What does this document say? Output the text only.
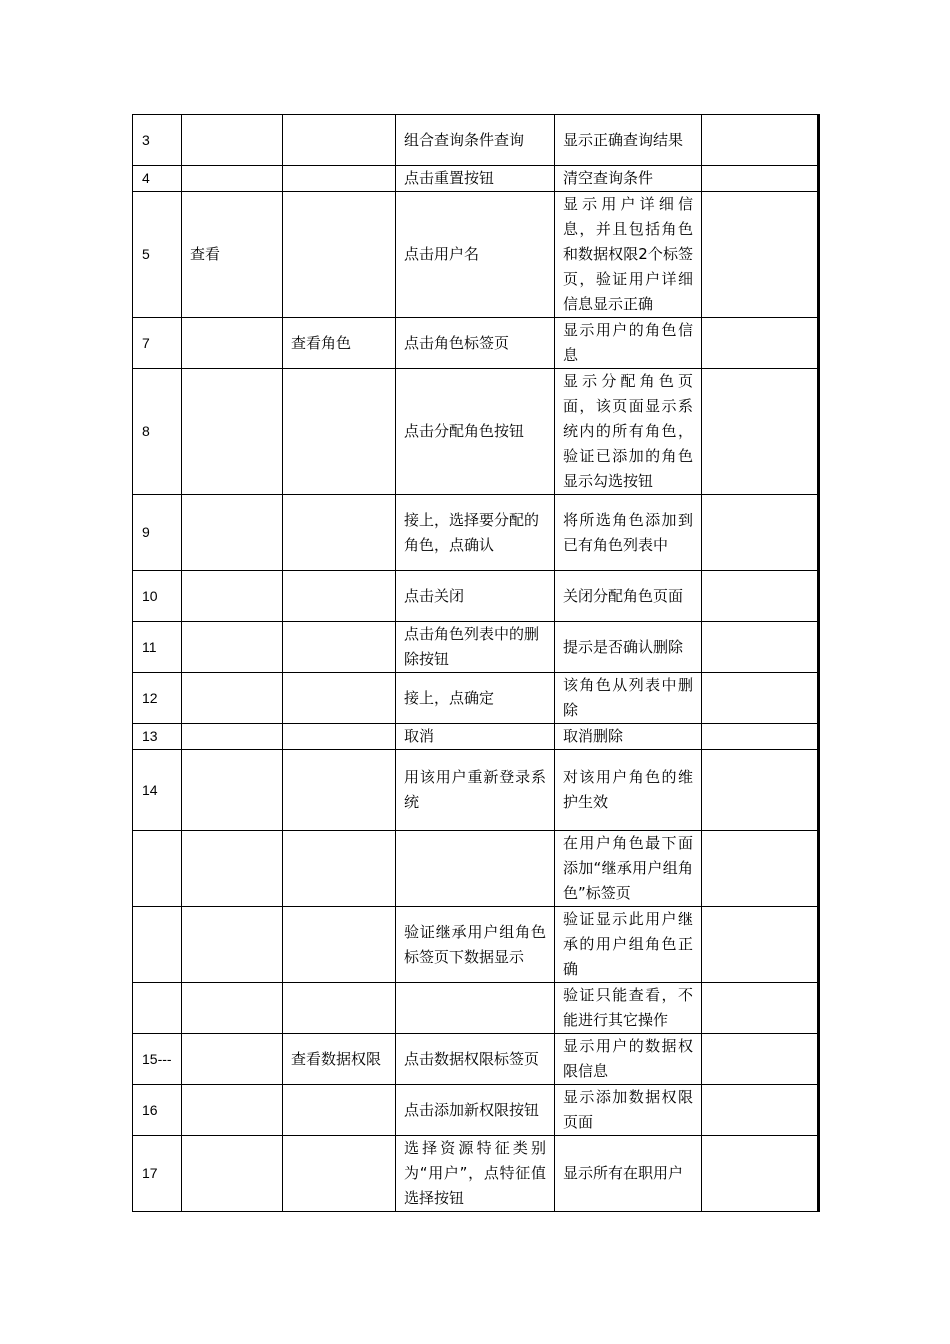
3			组合查询条件查询	显示正确查询结果	
4			点击重置按钮	清空查询条件	
5	查看		点击用户名	显示用户详细信息，并且包括角色和数据权限2个标签页，验证用户详细信息显示正确	
7		查看角色	点击角色标签页	显示用户的角色信息	
8			点击分配角色按钮	显示分配角色页面，该页面显示系统内的所有角色，验证已添加的角色显示勾选按钮	
9			接上，选择要分配的角色，点确认	将所选角色添加到已有角色列表中	
10			点击关闭	关闭分配角色页面	
11			点击角色列表中的删除按钮	提示是否确认删除	
12			接上，点确定	该角色从列表中删除	
13			取消	取消删除	
14			用该用户重新登录系统	对该用户角色的维护生效	
				在用户角色最下面添加“继承用户组角色”标签页	
			验证继承用户组角色标签页下数据显示	验证显示此用户继承的用户组角色正确	
				验证只能查看，不能进行其它操作	
15---		查看数据权限	点击数据权限标签页	显示用户的数据权限信息	
16			点击添加新权限按钮	显示添加数据权限页面	
17			选择资源特征类别为“用户”，点特征值选择按钮	显示所有在职用户	
